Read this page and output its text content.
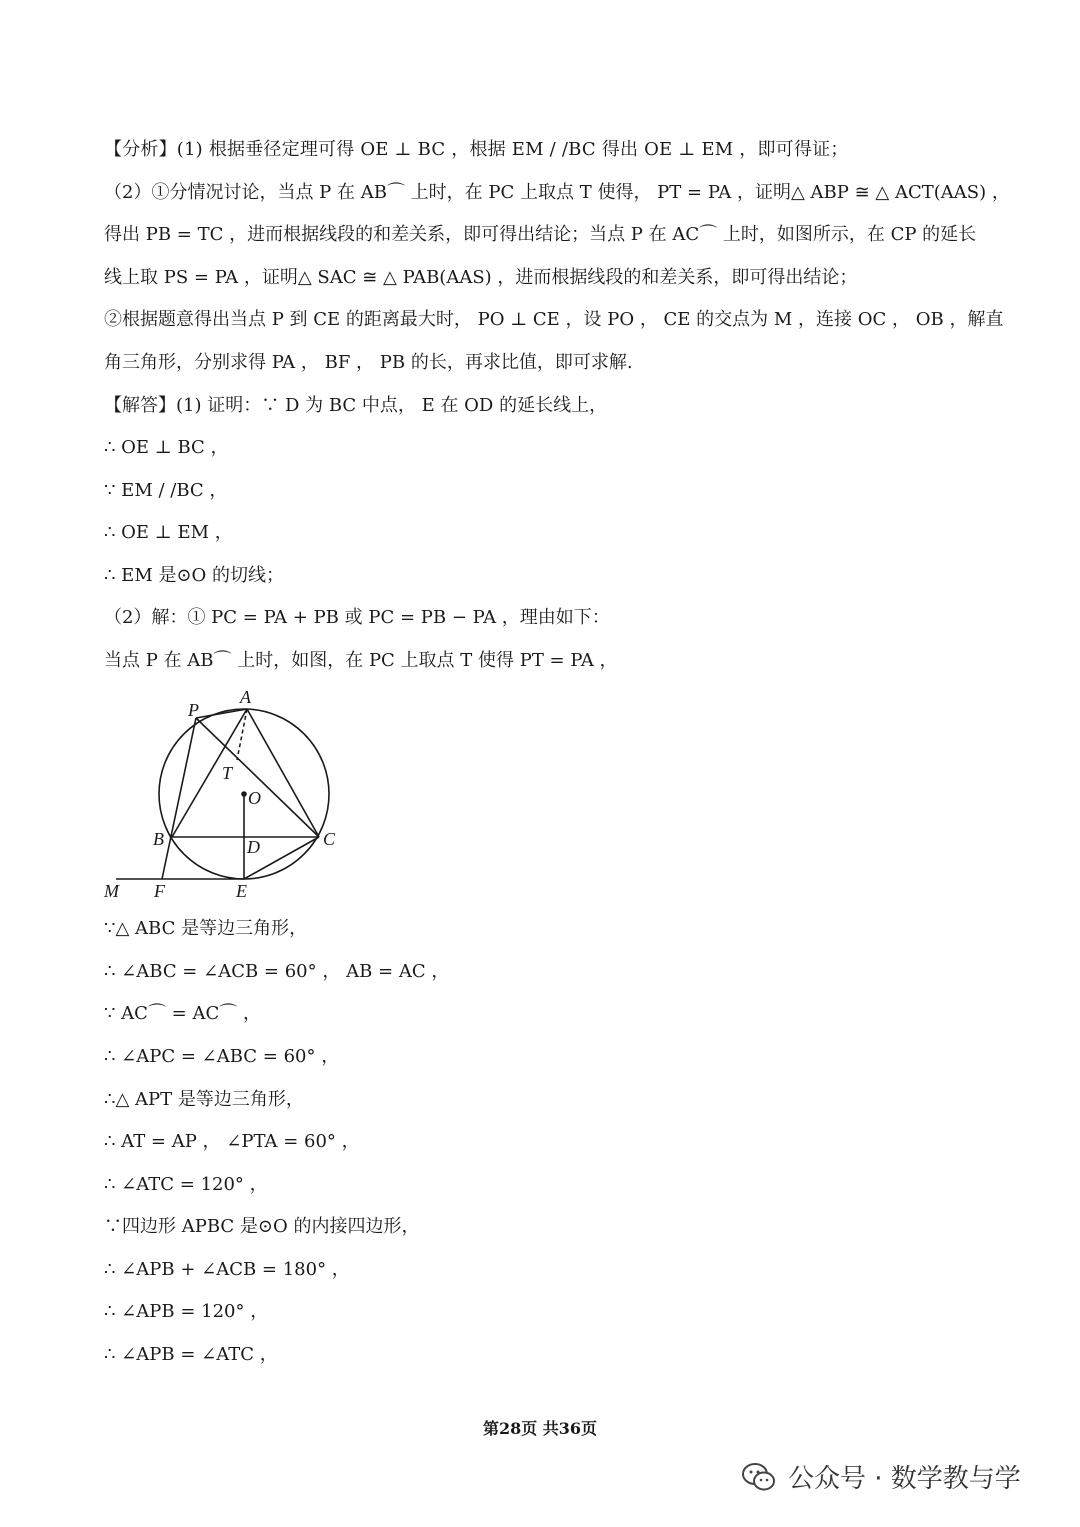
【分析】(1) 根据垂径定理可得 OE ⊥ BC ，根据 EM / /BC 得出 OE ⊥ EM ，即可得证；
（2）①分情况讨论，当点 P 在 AB⌒ 上时，在 PC 上取点 T 使得， PT = PA ，证明△ ABP ≅ △ ACT(AAS) ，
得出 PB = TC ，进而根据线段的和差关系，即可得出结论；当点 P 在 AC⌒ 上时，如图所示，在 CP 的延长
线上取 PS = PA ，证明△ SAC ≅ △ PAB(AAS) ，进而根据线段的和差关系，即可得出结论；
②根据题意得出当点 P 到 CE 的距离最大时， PO ⊥ CE ，设 PO ， CE 的交点为 M ，连接 OC ， OB ，解直
角三角形，分别求得 PA ， BF ， PB 的长，再求比值，即可求解.
【解答】(1) 证明：∵ D 为 BC 中点， E 在 OD 的延长线上，
∴ OE ⊥ BC ，
∵ EM / /BC ，
∴ OE ⊥ EM ，
∴ EM 是⊙O 的切线；
（2）解：① PC = PA + PB 或 PC = PB − PA ，理由如下：
当点 P 在 AB⌒ 上时，如图，在 PC 上取点 T 使得 PT = PA ，
A
P
T
O
B	C
D
M F	E
∵△ ABC 是等边三角形，
∴ ∠ABC = ∠ACB = 60° ， AB = AC ，
∵ AC⌒ = AC⌒ ，
∴ ∠APC = ∠ABC = 60° ，
∴△ APT 是等边三角形，
∴ AT = AP ， ∠PTA = 60° ，
∴ ∠ATC = 120° ，
∵四边形 APBC 是⊙O 的内接四边形，
∴ ∠APB + ∠ACB = 180° ，
∴ ∠APB = 120° ，
∴ ∠APB = ∠ATC ，
第28页 共36页
公众号 · 数学教与学
